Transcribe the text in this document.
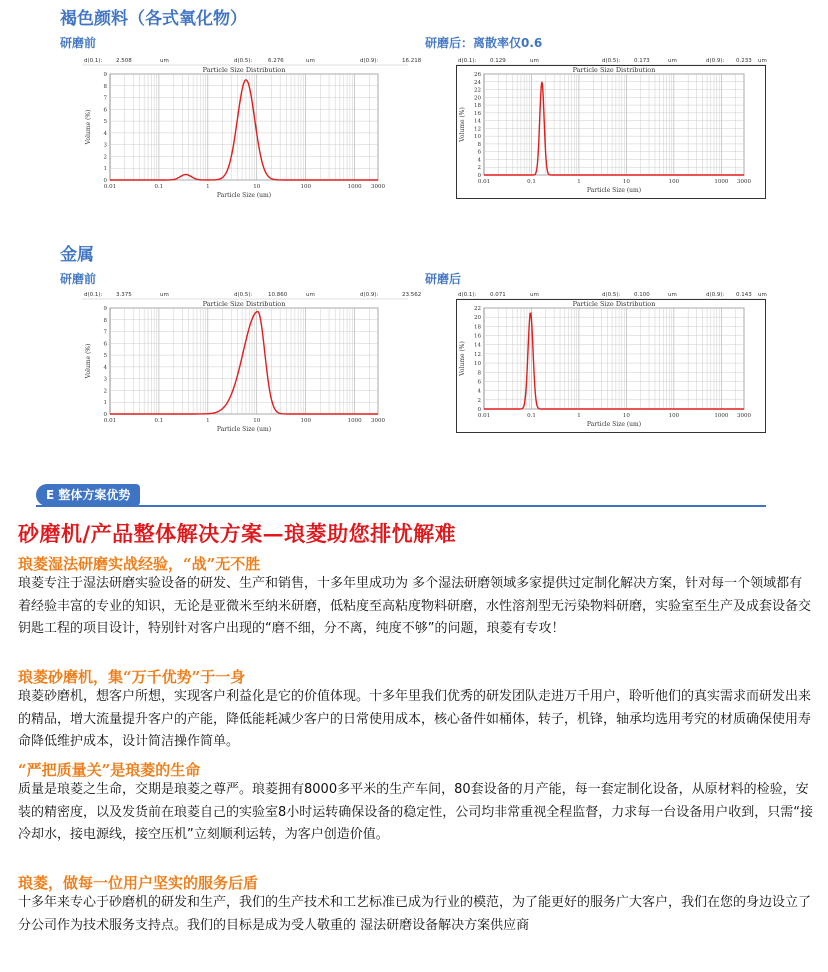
褐色颜料（各式氧化物）
研磨前	研磨后：离散率仅0.6
d(0.1): 2.508	um	d(0.5):	6.276	um	d(0.9):	16.218
Particle Size Distribution
0
1
2
3
4
5
6
7
8
9
0.01	0.1	1	10	100	1000 3000
Particle Size (um)
Volume (%)
d(0.1): 0.129	um	d(0.5): 0.173	um	d(0.9): 0.233 um
Particle Size Distribution
0
2
4
6
8
10
12
14
16
18
20
22
24
26
0.01	0.1	1	10	100	1000 3000
Particle Size (um)
Volume (%)
金属
研磨前	研磨后
d(0.1): 3.375	um	d(0.5):	10.860	um	d(0.9):	23.562
Particle Size Distribution
0
1
2
3
4
5
6
7
8
9
0.01	0.1	1	10	100	1000 3000
Particle Size (um)
Volume (%)
d(0.1): 0.071	um	d(0.5): 0.100	um	d(0.9): 0.143 um
Particle Size Distribution
0
2
4
6
8
10
12
14
16
18
20
22
0.01	0.1	1	10	100	1000 3000
Particle Size (um)
Volume (%)
E 整体方案优势
砂磨机/产品整体解决方案—琅菱助您排忧解难
琅菱湿法研磨实战经验，“战”无不胜
琅菱专注于湿法研磨实验设备的研发、生产和销售，十多年里成功为 多个湿法研磨领域多家提供过定制化解决方案，针对每一个领域都有着经验丰富的专业的知识，无论是亚微米至纳米研磨，低粘度至高粘度物料研磨，水性溶剂型无污染物料研磨，实验室至生产及成套设备交钥匙工程的项目设计，特别针对客户出现的“磨不细，分不离，纯度不够”的问题，琅菱有专攻！
琅菱砂磨机，集“万千优势”于一身
琅菱砂磨机，想客户所想，实现客户利益化是它的价值体现。十多年里我们优秀的研发团队走进万千用户，聆听他们的真实需求而研发出来的精品，增大流量提升客户的产能，降低能耗减少客户的日常使用成本，核心备件如桶体，转子，机锋，轴承均选用考究的材质确保使用寿命降低维护成本，设计简洁操作简单。
“严把质量关”是琅菱的生命
质量是琅菱之生命，交期是琅菱之尊严。琅菱拥有8000多平米的生产车间，80套设备的月产能，每一套定制化设备，从原材料的检验，安装的精密度，以及发货前在琅菱自己的实验室8小时运转确保设备的稳定性，公司均非常重视全程监督，力求每一台设备用户收到，只需“接冷却水，接电源线，接空压机”立刻顺利运转，为客户创造价值。
琅菱，做每一位用户坚实的服务后盾
十多年来专心于砂磨机的研发和生产，我们的生产技术和工艺标准已成为行业的模范，为了能更好的服务广大客户，我们在您的身边设立了分公司作为技术服务支持点。我们的目标是成为受人敬重的 湿法研磨设备解决方案供应商
